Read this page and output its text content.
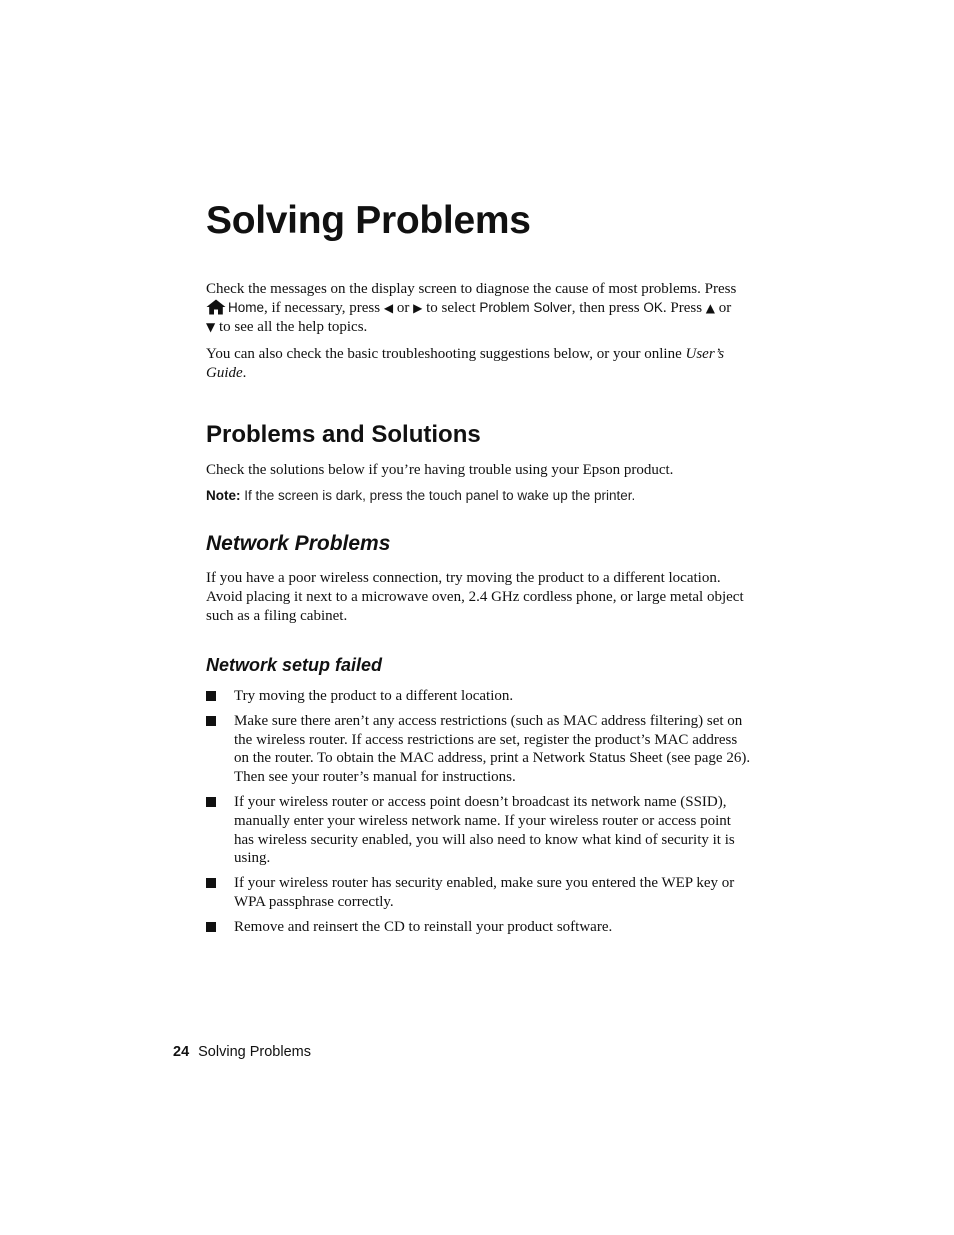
Solving Problems

Check the messages on the display screen to diagnose the cause of most problems. Press

Home, if necessary, press ◀ or ▶ to select Problem Solver, then press OK. Press ▲ or
▼ to see all the help topics.

You can also check the basic troubleshooting suggestions below, or your online User’s Guide.

Problems and Solutions

Check the solutions below if you’re having trouble using your Epson product.

Note: If the screen is dark, press the touch panel to wake up the printer.
Network Problems

If you have a poor wireless connection, try moving the product to a different location. Avoid placing it next to a microwave oven, 2.4 GHz cordless phone, or large metal object such as a filing cabinet.

Network setup failed
Try moving the product to a different location.
Make sure there aren’t any access restrictions (such as MAC address filtering) set on the wireless router. If access restrictions are set, register the product’s MAC address on the router. To obtain the MAC address, print a Network Status Sheet (see page 26). Then see your router’s manual for instructions.
If your wireless router or access point doesn’t broadcast its network name (SSID), manually enter your wireless network name. If your wireless router or access point has wireless security enabled, you will also need to know what kind of security it is using.
If your wireless router has security enabled, make sure you entered the WEP key or WPA passphrase correctly.
Remove and reinsert the CD to reinstall your product software.
24 Solving Problems
